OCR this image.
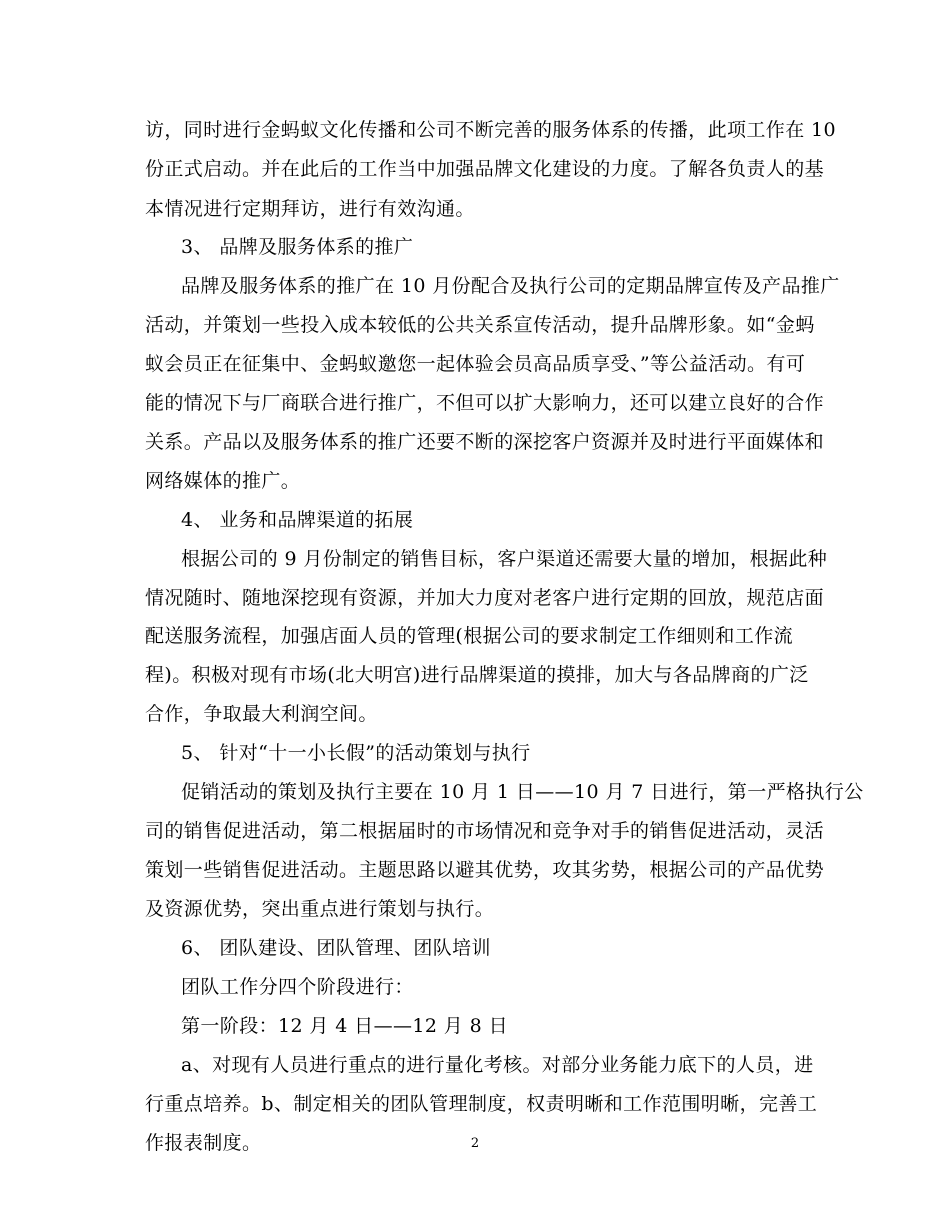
访，同时进行金蚂蚁文化传播和公司不断完善的服务体系的传播，此项工作在 10
份正式启动。并在此后的工作当中加强品牌文化建设的力度。了解各负责人的基
本情况进行定期拜访，进行有效沟通。
3、 品牌及服务体系的推广
品牌及服务体系的推广在 10 月份配合及执行公司的定期品牌宣传及产品推广
活动，并策划一些投入成本较低的公共关系宣传活动，提升品牌形象。如“金蚂
蚁会员正在征集中、金蚂蚁邀您一起体验会员高品质享受、”等公益活动。有可
能的情况下与厂商联合进行推广，不但可以扩大影响力，还可以建立良好的合作
关系。产品以及服务体系的推广还要不断的深挖客户资源并及时进行平面媒体和
网络媒体的推广。
4、 业务和品牌渠道的拓展
根据公司的 9 月份制定的销售目标，客户渠道还需要大量的增加，根据此种
情况随时、随地深挖现有资源，并加大力度对老客户进行定期的回放，规范店面
配送服务流程，加强店面人员的管理(根据公司的要求制定工作细则和工作流
程)。积极对现有市场(北大明宫)进行品牌渠道的摸排，加大与各品牌商的广泛
合作，争取最大利润空间。
5、 针对“十一小长假”的活动策划与执行
促销活动的策划及执行主要在 10 月 1 日——10 月 7 日进行，第一严格执行公
司的销售促进活动，第二根据届时的市场情况和竞争对手的销售促进活动，灵活
策划一些销售促进活动。主题思路以避其优势，攻其劣势，根据公司的产品优势
及资源优势，突出重点进行策划与执行。
6、 团队建设、团队管理、团队培训
团队工作分四个阶段进行：
第一阶段：12 月 4 日——12 月 8 日
a、对现有人员进行重点的进行量化考核。对部分业务能力底下的人员，进
行重点培养。b、制定相关的团队管理制度，权责明晰和工作范围明晰，完善工
作报表制度。	2
